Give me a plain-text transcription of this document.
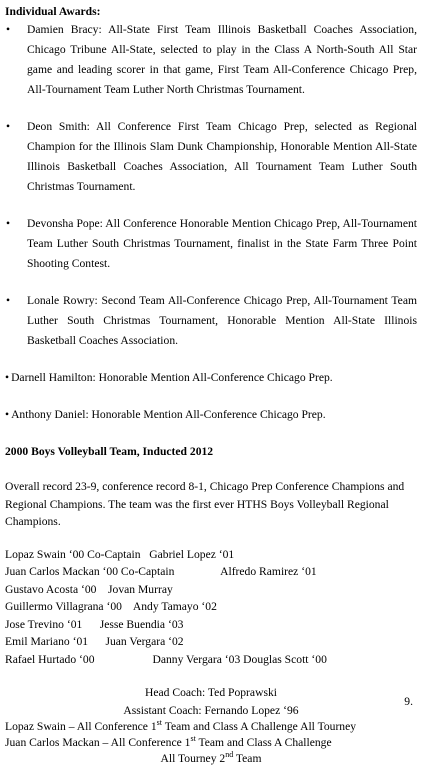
Individual Awards:
• Damien Bracy: All-State First Team Illinois Basketball Coaches Association, Chicago Tribune All-State, selected to play in the Class A North-South All Star game and leading scorer in that game, First Team All-Conference Chicago Prep, All-Tournament Team Luther North Christmas Tournament.
• Deon Smith: All Conference First Team Chicago Prep, selected as Regional Champion for the Illinois Slam Dunk Championship, Honorable Mention All-State Illinois Basketball Coaches Association, All Tournament Team Luther South Christmas Tournament.
• Devonsha Pope: All Conference Honorable Mention Chicago Prep, All-Tournament Team Luther South Christmas Tournament, finalist in the State Farm Three Point Shooting Contest.
• Lonale Rowry: Second Team All-Conference Chicago Prep, All-Tournament Team Luther South Christmas Tournament, Honorable Mention All-State Illinois Basketball Coaches Association.
• Darnell Hamilton: Honorable Mention All-Conference Chicago Prep.
• Anthony Daniel: Honorable Mention All-Conference Chicago Prep.
2000 Boys Volleyball Team, Inducted 2012
Overall record 23-9, conference record 8-1, Chicago Prep Conference Champions and Regional Champions. The team was the first ever HTHS Boys Volleyball Regional Champions.
Lopaz Swain ‘00 Co-Captain   Gabriel Lopez ‘01
Juan Carlos Mackan ‘00 Co-Captain                Alfredo Ramirez ‘01
Gustavo Acosta ‘00    Jovan Murray
Guillermo Villagrana ‘00    Andy Tamayo ‘02
Jose Trevino ‘01      Jesse Buendia ‘03
Emil Mariano ‘01      Juan Vergara ‘02
Rafael Hurtado ‘00                    Danny Vergara ‘03 Douglas Scott ‘00
Head Coach: Ted Poprawski
Assistant Coach: Fernando Lopez ‘96
Lopaz Swain – All Conference 1st Team and Class A Challenge All Tourney
Juan Carlos Mackan – All Conference 1st Team and Class A Challenge
All Tourney 2nd Team
9.
